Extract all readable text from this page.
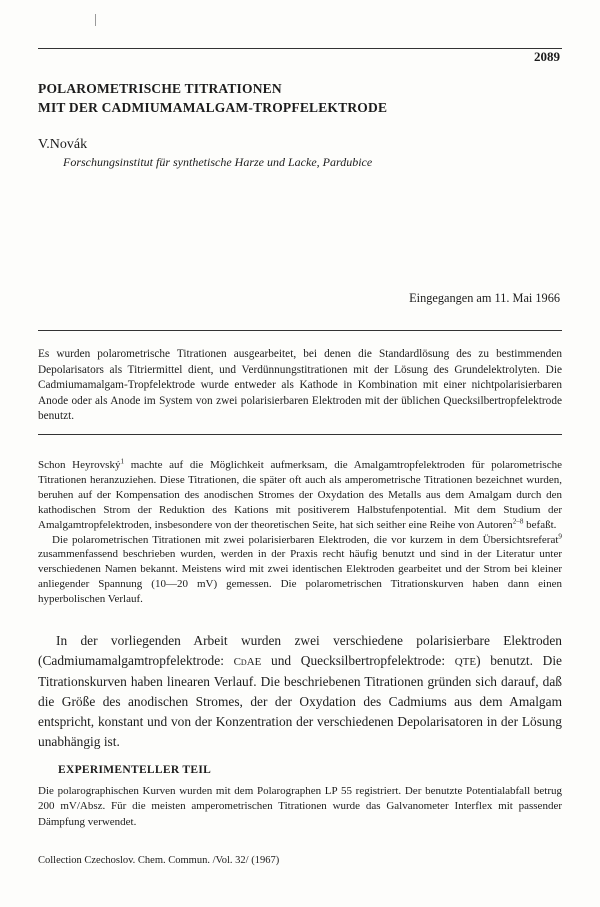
2089
POLAROMETRISCHE TITRATIONEN
MIT DER CADMIUMAMALGAM-TROPFELEKTRODE
V.Novák
Forschungsinstitut für synthetische Harze und Lacke, Pardubice
Eingegangen am 11. Mai 1966

Es wurden polarometrische Titrationen ausgearbeitet, bei denen die Standardlösung des zu bestimmenden Depolarisators als Titriermittel dient, und Verdünnungstitrationen mit der Lösung des Grundelektrolyten. Die Cadmiumamalgam-Tropfelektrode wurde entweder als Kathode in Kombination mit einer nichtpolarisierbaren Anode oder als Anode im System von zwei polarisierbaren Elektroden mit der üblichen Quecksilbertropfelektrode benutzt.

Schon Heyrovský$^1$ machte auf die Möglichkeit aufmerksam, die Amalgamtropfelektroden für polarometrische Titrationen heranzuziehen. Diese Titrationen, die später oft auch als amperometrische Titrationen bezeichnet wurden, beruhen auf der Kompensation des anodischen Stromes der Oxydation des Metalls aus dem Amalgam durch den kathodischen Strom der Reduktion des Kations mit positiverem Halbstufenpotential. Mit dem Studium der Amalgamtropfelektroden, insbesondere von der theoretischen Seite, hat sich seither eine Reihe von Autoren$^{2-8}$ befaßt.

Die polarometrischen Titrationen mit zwei polarisierbaren Elektroden, die vor kurzem in dem Übersichtsreferat$^9$ zusammenfassend beschrieben wurden, werden in der Praxis recht häufig benutzt und sind in der Literatur unter verschiedenen Namen bekannt. Meistens wird mit zwei identischen Elektroden gearbeitet und der Strom bei kleiner anliegender Spannung (10—20 mV) gemessen. Die polarometrischen Titrationskurven haben dann einen hyperbolischen Verlauf.

In der vorliegenden Arbeit wurden zwei verschiedene polarisierbare Elektroden (Cadmiumamalgamtropfelektrode: CdAE und Quecksilbertropfelektrode: QTE) benutzt. Die Titrationskurven haben linearen Verlauf. Die beschriebenen Titrationen gründen sich darauf, daß die Größe des anodischen Stromes, der der Oxydation des Cadmiums aus dem Amalgam entspricht, konstant und von der Konzentration der verschiedenen Depolarisatoren in der Lösung unabhängig ist.

EXPERIMENTELLER TEIL

Die polarographischen Kurven wurden mit dem Polarographen LP 55 registriert. Der benutzte Potentialabfall betrug 200 mV/Absz. Für die meisten amperometrischen Titrationen wurde das Galvanometer Interflex mit passender Dämpfung verwendet.

Collection Czechoslov. Chem. Commun. /Vol. 32/ (1967)
